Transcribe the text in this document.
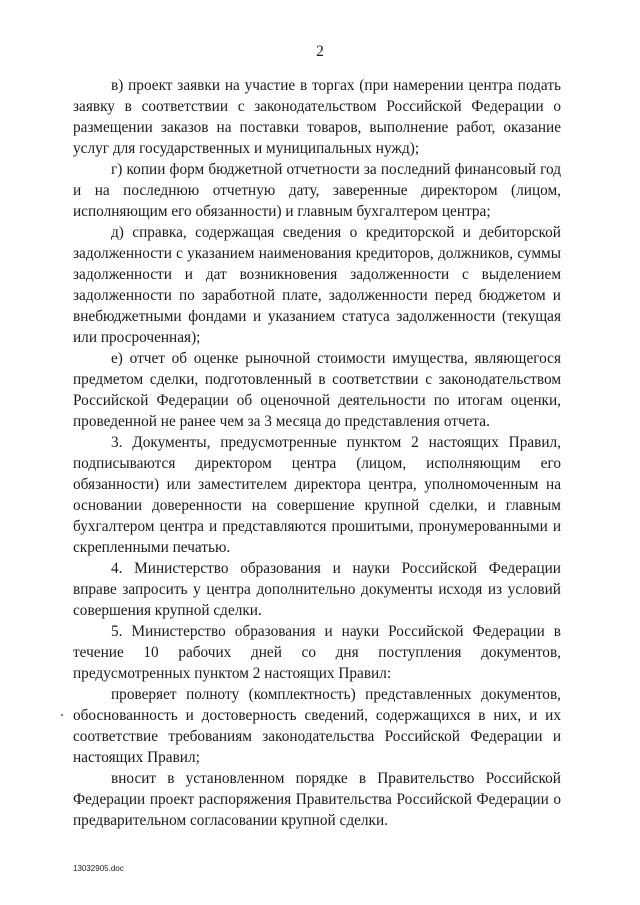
2

в) проект заявки на участие в торгах (при намерении центра подать заявку в соответствии с законодательством Российской Федерации о размещении заказов на поставки товаров, выполнение работ, оказание услуг для государственных и муниципальных нужд);

г) копии форм бюджетной отчетности за последний финансовый год и на последнюю отчетную дату, заверенные директором (лицом, исполняющим его обязанности) и главным бухгалтером центра;

д) справка, содержащая сведения о кредиторской и дебиторской задолженности с указанием наименования кредиторов, должников, суммы задолженности и дат возникновения задолженности с выделением задолженности по заработной плате, задолженности перед бюджетом и внебюджетными фондами и указанием статуса задолженности (текущая или просроченная);

е) отчет об оценке рыночной стоимости имущества, являющегося предметом сделки, подготовленный в соответствии с законодательством Российской Федерации об оценочной деятельности по итогам оценки, проведенной не ранее чем за 3 месяца до представления отчета.

3. Документы, предусмотренные пунктом 2 настоящих Правил, подписываются директором центра (лицом, исполняющим его обязанности) или заместителем директора центра, уполномоченным на основании доверенности на совершение крупной сделки, и главным бухгалтером центра и представляются прошитыми, пронумерованными и скрепленными печатью.

4. Министерство образования и науки Российской Федерации вправе запросить у центра дополнительно документы исходя из условий совершения крупной сделки.

5. Министерство образования и науки Российской Федерации в течение 10 рабочих дней со дня поступления документов, предусмотренных пунктом 2 настоящих Правил:

проверяет полноту (комплектность) представленных документов, обоснованность и достоверность сведений, содержащихся в них, и их соответствие требованиям законодательства Российской Федерации и настоящих Правил;

вносит в установленном порядке в Правительство Российской Федерации проект распоряжения Правительства Российской Федерации о предварительном согласовании крупной сделки.

13032905.doc
